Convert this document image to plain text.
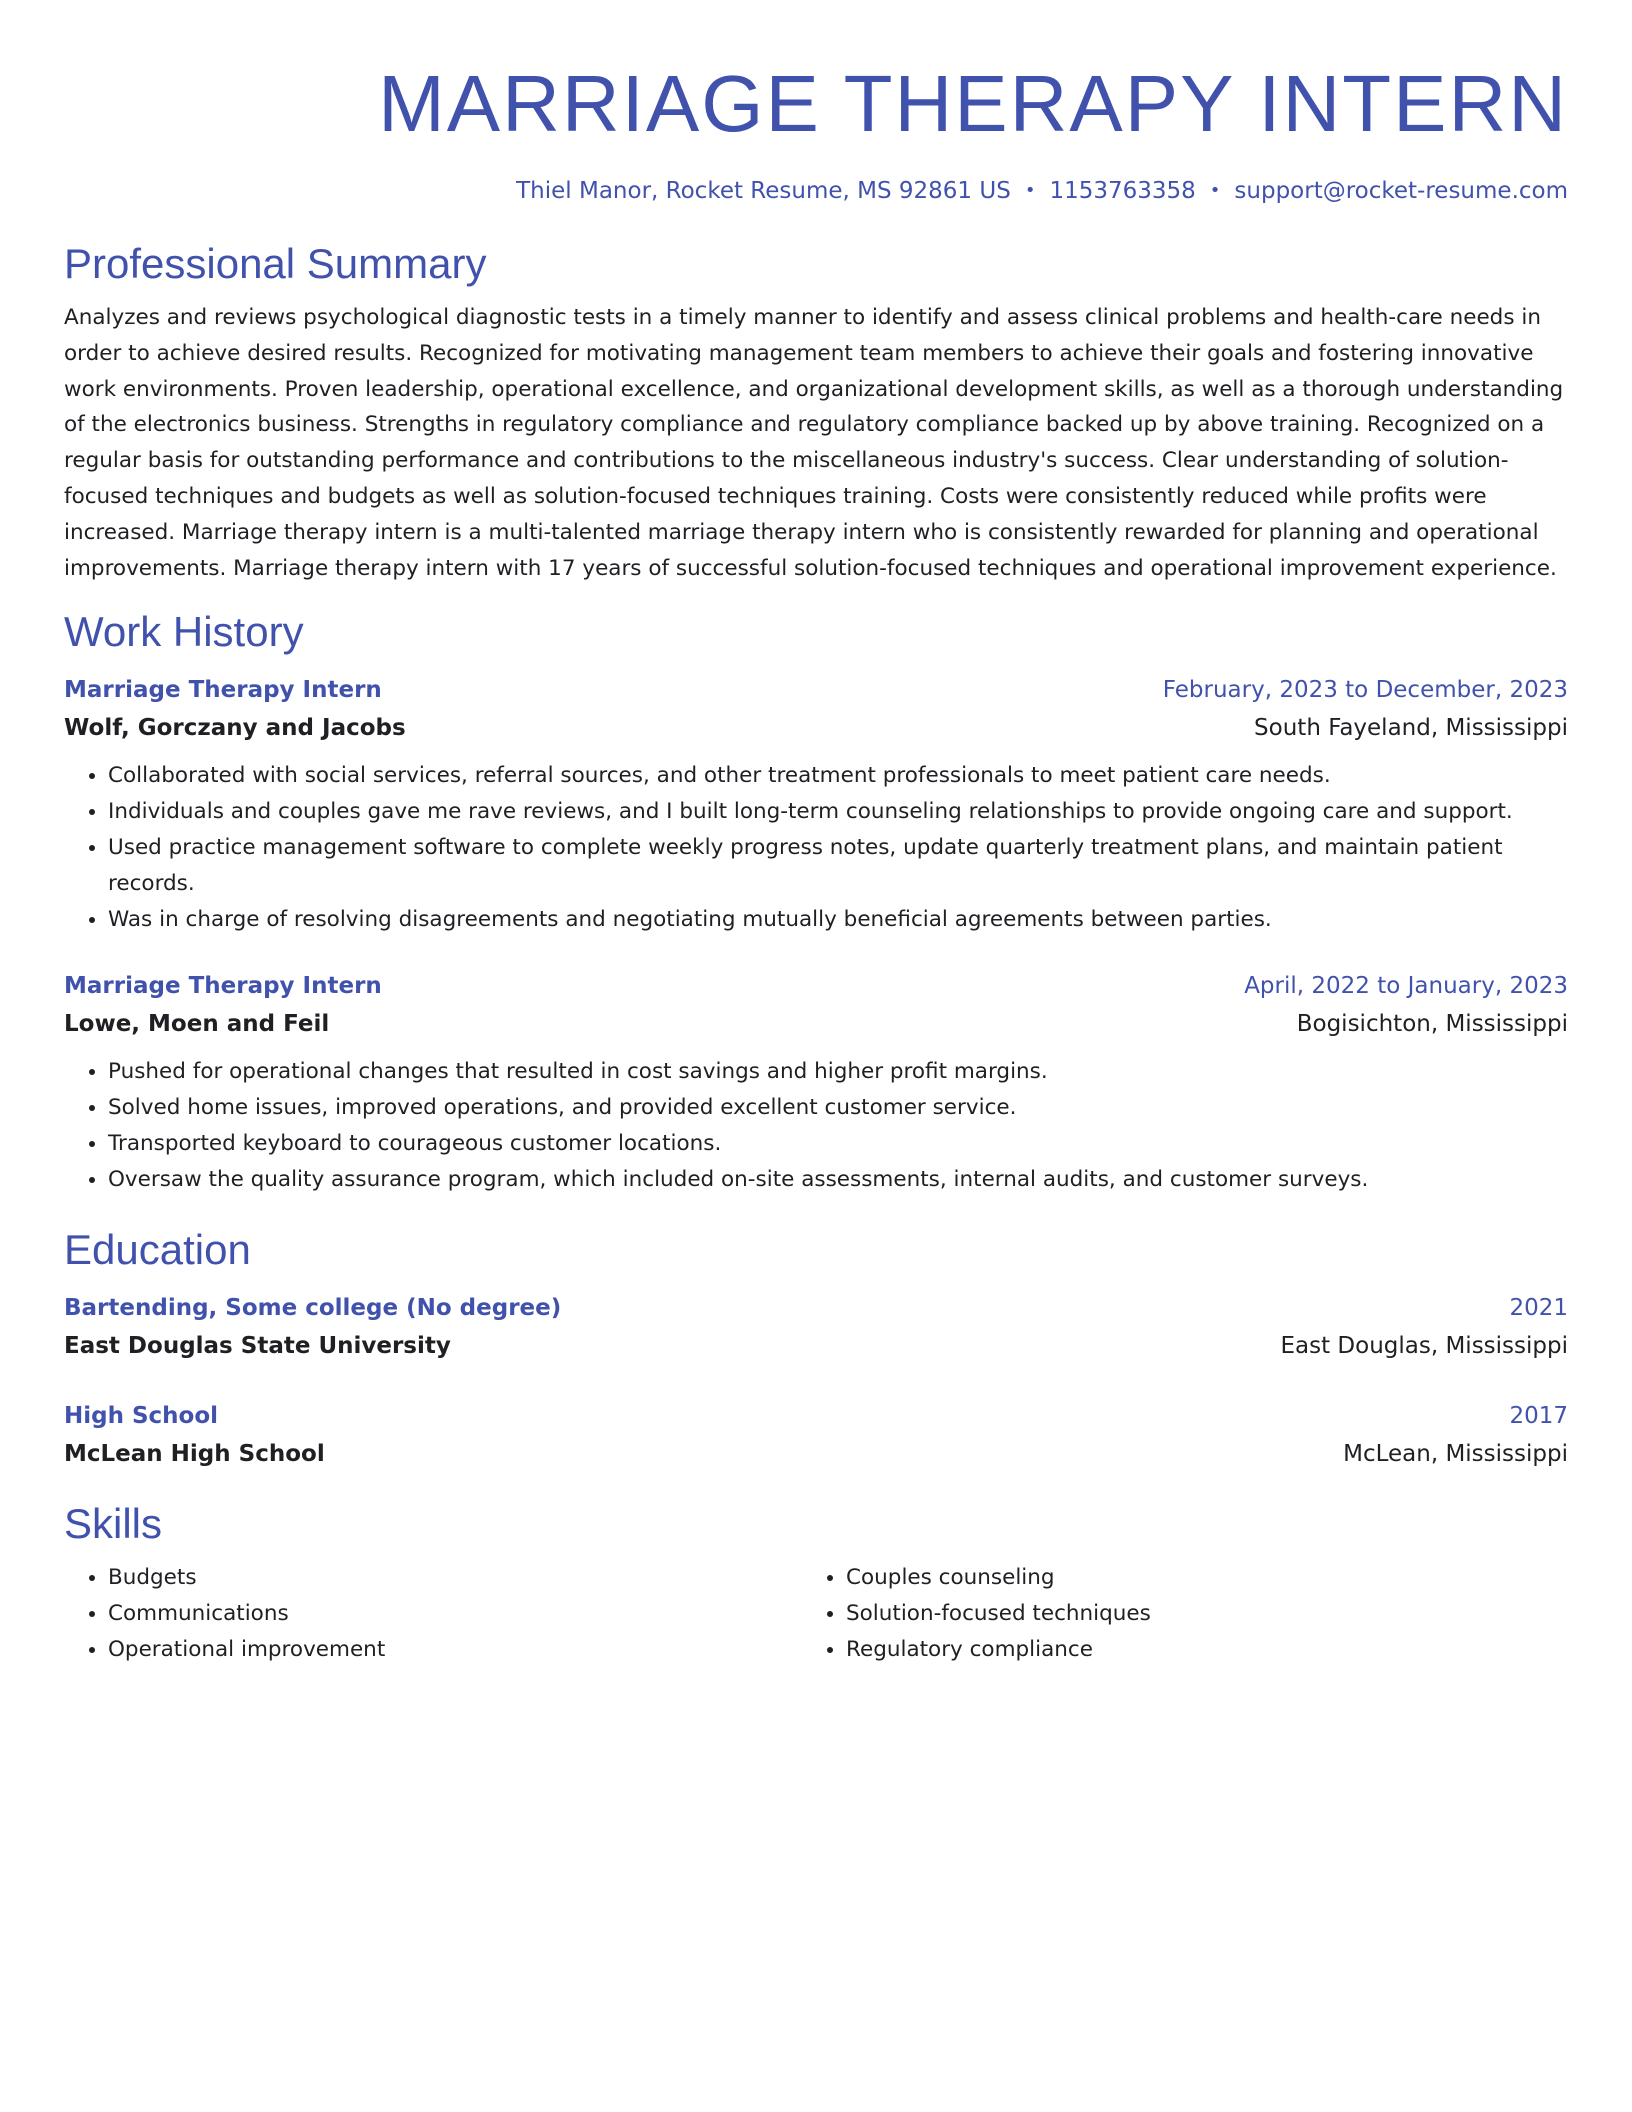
MARRIAGE THERAPY INTERN
Thiel Manor, Rocket Resume, MS 92861 US • 1153763358 • support@rocket-resume.com
Professional Summary

Analyzes and reviews psychological diagnostic tests in a timely manner to identify and assess clinical problems and health-care needs in order to achieve desired results. Recognized for motivating management team members to achieve their goals and fostering innovative work environments. Proven leadership, operational excellence, and organizational development skills, as well as a thorough understanding of the electronics business. Strengths in regulatory compliance and regulatory compliance backed up by above training. Recognized on a regular basis for outstanding performance and contributions to the miscellaneous industry's success. Clear understanding of solution-focused techniques and budgets as well as solution-focused techniques training. Costs were consistently reduced while profits were increased. Marriage therapy intern is a multi-talented marriage therapy intern who is consistently rewarded for planning and operational improvements. Marriage therapy intern with 17 years of successful solution-focused techniques and operational improvement experience.

Work History
Marriage Therapy Intern	February, 2023 to December, 2023
Wolf, Gorczany and Jacobs	South Fayeland, Mississippi
• Collaborated with social services, referral sources, and other treatment professionals to meet patient care needs.
• Individuals and couples gave me rave reviews, and I built long-term counseling relationships to provide ongoing care and support.
• Used practice management software to complete weekly progress notes, update quarterly treatment plans, and maintain patient records.
• Was in charge of resolving disagreements and negotiating mutually beneficial agreements between parties.
Marriage Therapy Intern	April, 2022 to January, 2023
Lowe, Moen and Feil	Bogisichton, Mississippi
• Pushed for operational changes that resulted in cost savings and higher profit margins.
• Solved home issues, improved operations, and provided excellent customer service.
• Transported keyboard to courageous customer locations.
• Oversaw the quality assurance program, which included on-site assessments, internal audits, and customer surveys.
Education
Bartending, Some college (No degree)	2021
East Douglas State University	East Douglas, Mississippi
High School	2017
McLean High School	McLean, Mississippi
Skills
• Budgets
• Communications
• Operational improvement
• Couples counseling
• Solution-focused techniques
• Regulatory compliance
